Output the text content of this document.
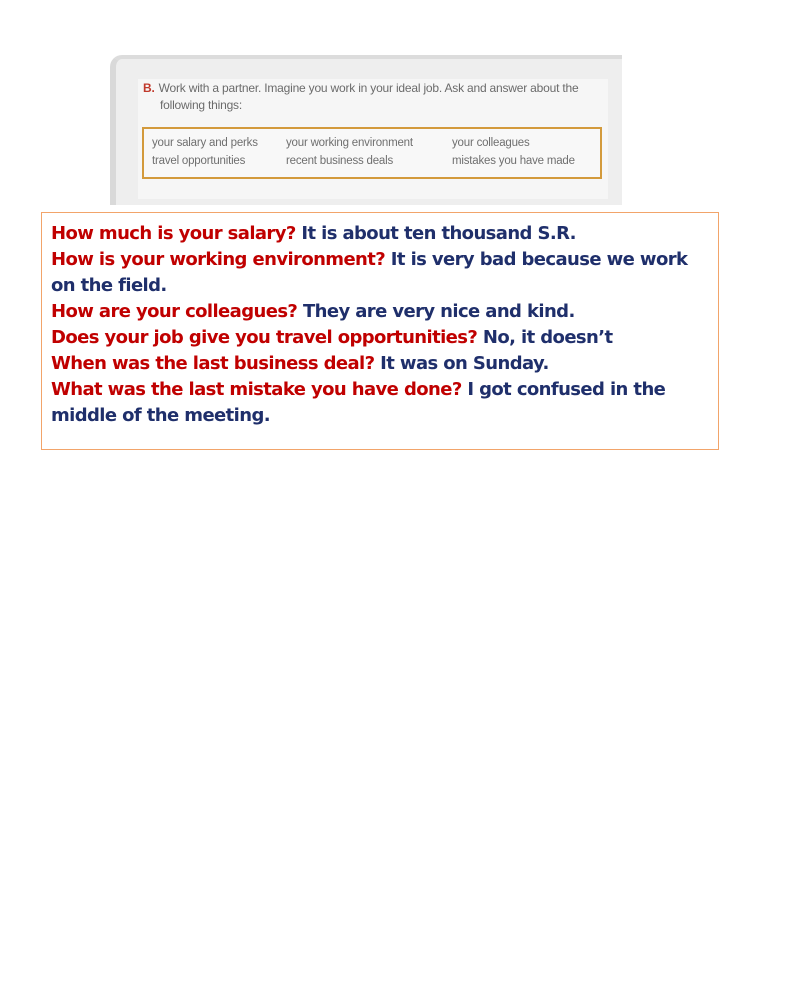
B. Work with a partner. Imagine you work in your ideal job. Ask and answer about the
following things:
your salary and perks	your working environment	your colleagues
travel opportunities	recent business deals	mistakes you have made
How much is your salary? It is about ten thousand S.R.
How is your working environment? It is very bad because we work on the field.
How are your colleagues? They are very nice and kind.
Does your job give you travel opportunities? No, it doesn’t
When was the last business deal? It was on Sunday.
What was the last mistake you have done? I got confused in the middle of the meeting.
